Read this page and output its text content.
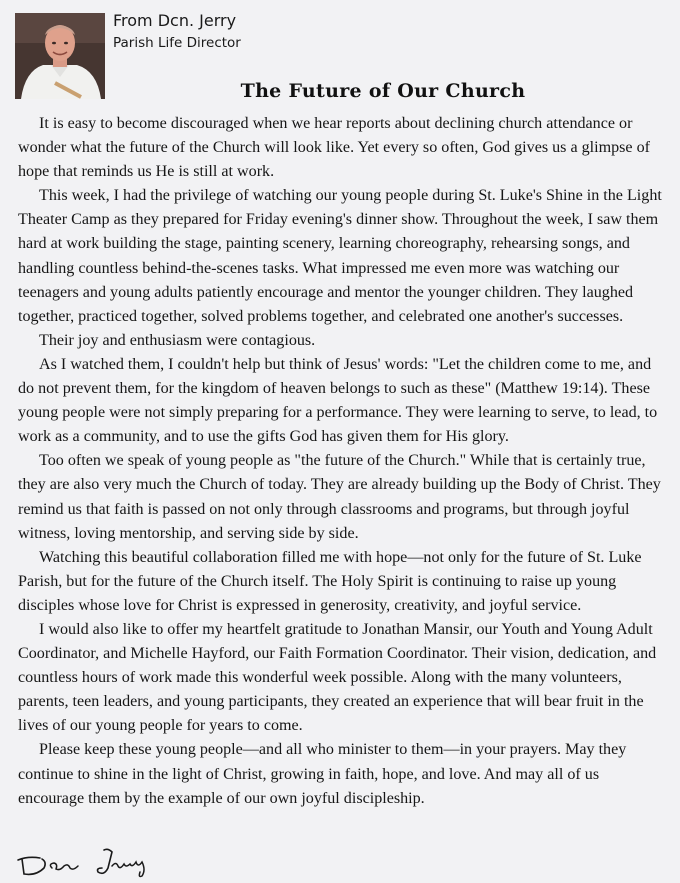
From Dcn. Jerry
Parish Life Director
The Future of Our Church

It is easy to become discouraged when we hear reports about declining church attendance or wonder what the future of the Church will look like. Yet every so often, God gives us a glimpse of hope that reminds us He is still at work.

This week, I had the privilege of watching our young people during St. Luke's Shine in the Light Theater Camp as they prepared for Friday evening's dinner show. Throughout the week, I saw them hard at work building the stage, painting scenery, learning choreography, rehearsing songs, and handling countless behind-the-scenes tasks. What impressed me even more was watching our teenagers and young adults patiently encourage and mentor the younger children. They laughed together, practiced together, solved problems together, and celebrated one another's successes.

Their joy and enthusiasm were contagious.

As I watched them, I couldn't help but think of Jesus' words: "Let the children come to me, and do not prevent them, for the kingdom of heaven belongs to such as these" (Matthew 19:14). These young people were not simply preparing for a performance. They were learning to serve, to lead, to work as a community, and to use the gifts God has given them for His glory.

Too often we speak of young people as "the future of the Church." While that is certainly true, they are also very much the Church of today. They are already building up the Body of Christ. They remind us that faith is passed on not only through classrooms and programs, but through joyful witness, loving mentorship, and serving side by side.

Watching this beautiful collaboration filled me with hope—not only for the future of St. Luke Parish, but for the future of the Church itself. The Holy Spirit is continuing to raise up young disciples whose love for Christ is expressed in generosity, creativity, and joyful service.

I would also like to offer my heartfelt gratitude to Jonathan Mansir, our Youth and Young Adult Coordinator, and Michelle Hayford, our Faith Formation Coordinator. Their vision, dedication, and countless hours of work made this wonderful week possible. Along with the many volunteers, parents, teen leaders, and young participants, they created an experience that will bear fruit in the lives of our young people for years to come.

Please keep these young people—and all who minister to them—in your prayers. May they continue to shine in the light of Christ, growing in faith, hope, and love. And may all of us encourage them by the example of our own joyful discipleship.
